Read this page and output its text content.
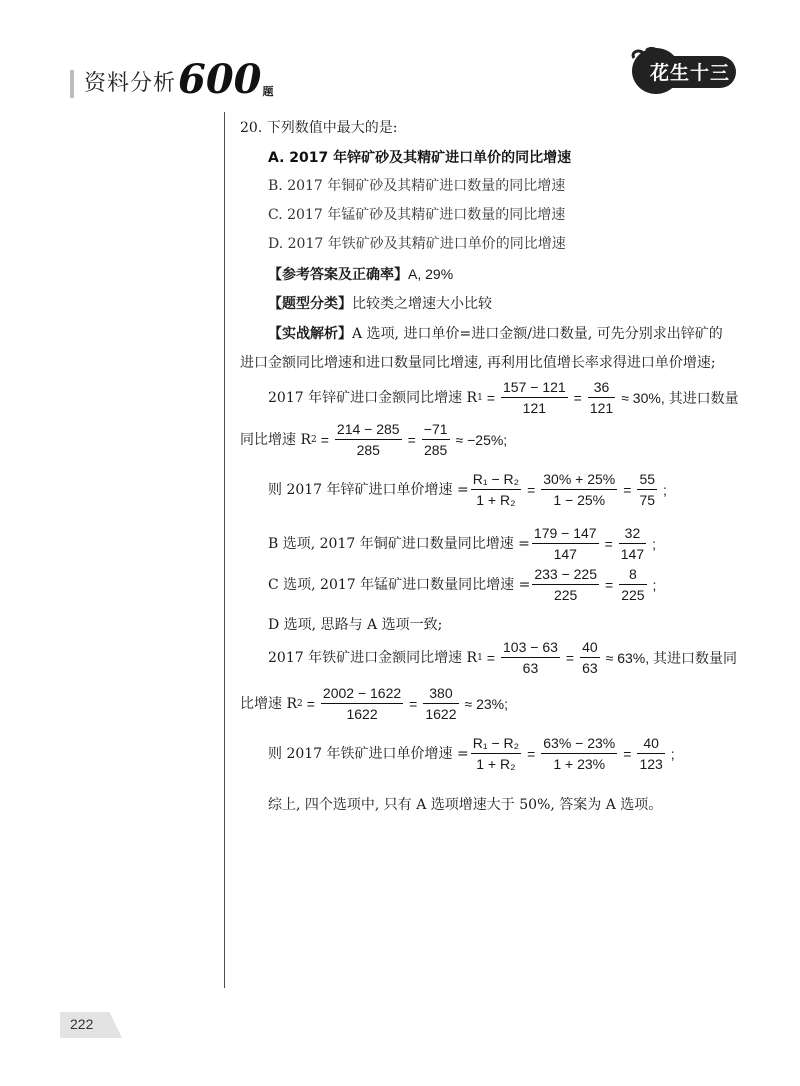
资料分析 600 题
花生十三
20. 下列数值中最大的是:
A. 2017 年锌矿砂及其精矿进口单价的同比增速
B. 2017 年铜矿砂及其精矿进口数量的同比增速
C. 2017 年锰矿砂及其精矿进口数量的同比增速
D. 2017 年铁矿砂及其精矿进口单价的同比增速
【参考答案及正确率】A, 29%
【题型分类】比较类之增速大小比较
【实战解析】A 选项, 进口单价=进口金额/进口数量, 可先分别求出锌矿的
进口金额同比增速和进口数量同比增速, 再利用比值增长率求得进口单价增速;
2017 年锌矿进口金额同比增速 R $1 = \frac{157 - 121}{121} = \frac{36}{121} \approx 30\%$, 其进口数量
同比增速 R $2 = \frac{214 - 285}{285} = \frac{-71}{285} \approx -25\%$;
则 2017 年锌矿进口单价增速 = $\frac{\text{R₁ − R₂}}{\text{1 + R₂}} = \frac{30\% + 25\%}{1 - 25\%} = \frac{55}{75}$ ;
B 选项, 2017 年铜矿进口数量同比增速 = $\frac{179 - 147}{147} = \frac{32}{147}$ ;
C 选项, 2017 年锰矿进口数量同比增速 = $\frac{233 - 225}{225} = \frac{8}{225}$ ;
D 选项, 思路与 A 选项一致;
2017 年铁矿进口金额同比增速 R $1 = \frac{103 - 63}{63} = \frac{40}{63} \approx 63\%$, 其进口数量同
比增速 R $2 = \frac{2002 - 1622}{1622} = \frac{380}{1622} \approx 23\%$;
则 2017 年铁矿进口单价增速 = $\frac{\text{R₁ − R₂}}{\text{1 + R₂}} = \frac{63\% - 23\%}{1 + 23\%} = \frac{40}{123}$ ;
综上, 四个选项中, 只有 A 选项增速大于 50%, 答案为 A 选项。
222
